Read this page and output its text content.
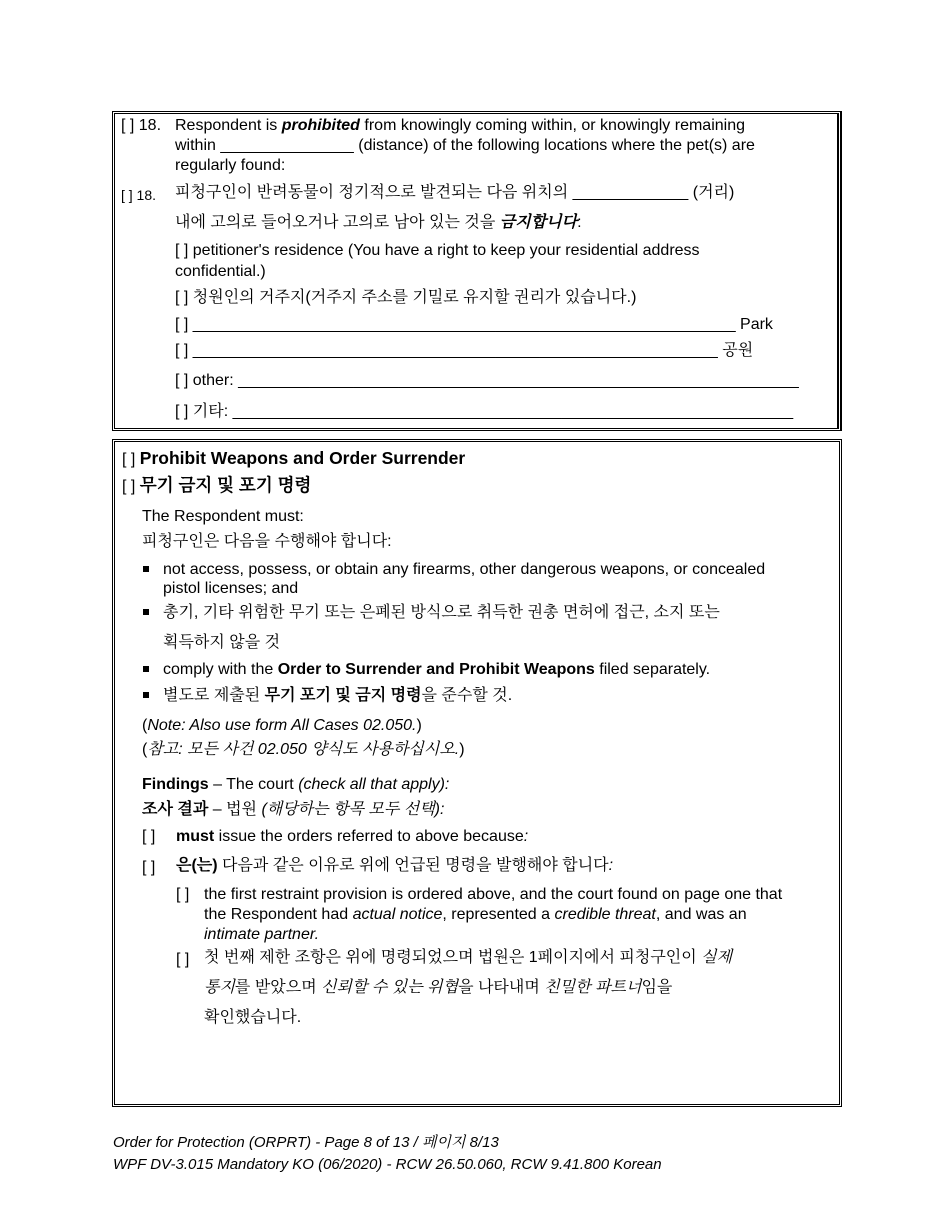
[ ] 18. Respondent is prohibited from knowingly coming within, or knowingly remaining
within _______________ (distance) of the following locations where the pet(s) are
regularly found:
[ ] 18. 피청구인이 반려동물이 정기적으로 발견되는 다음 위치의 _____________ (거리)
내에 고의로 들어오거나 고의로 남아 있는 것을 금지합니다:
[ ] petitioner's residence (You have a right to keep your residential address
confidential.)
[ ] 청원인의 거주지(거주지 주소를 기밀로 유지할 권리가 있습니다.)
[ ] _____________________________________________________________ Park
[ ] ___________________________________________________________ 공원
[ ] other: _______________________________________________________________
[ ] 기타: _______________________________________________________________
[ ] Prohibit Weapons and Order Surrender
[ ] 무기 금지 및 포기 명령
The Respondent must:
피청구인은 다음을 수행해야 합니다:
not access, possess, or obtain any firearms, other dangerous weapons, or concealed
pistol licenses; and
총기, 기타 위험한 무기 또는 은폐된 방식으로 취득한 권총 면허에 접근, 소지 또는
획득하지 않을 것
comply with the Order to Surrender and Prohibit Weapons filed separately.
별도로 제출된 무기 포기 및 금지 명령을 준수할 것.
(Note: Also use form All Cases 02.050.)
(참고: 모든 사건 02.050 양식도 사용하십시오.)
Findings – The court (check all that apply):
조사 결과 – 법원 (해당하는 항목 모두 선택):
[ ] must issue the orders referred to above because:
[ ] 은(는) 다음과 같은 이유로 위에 언급된 명령을 발행해야 합니다:
[ ] the first restraint provision is ordered above, and the court found on page one that
the Respondent had actual notice, represented a credible threat, and was an
intimate partner.
[ ] 첫 번째 제한 조항은 위에 명령되었으며 법원은 1페이지에서 피청구인이 실제
통지를 받았으며 신뢰할 수 있는 위협을 나타내며 친밀한 파트너임을
확인했습니다.
Order for Protection (ORPRT) - Page 8 of 13 / 페이지 8/13
WPF DV-3.015 Mandatory KO (06/2020) - RCW 26.50.060, RCW 9.41.800 Korean
